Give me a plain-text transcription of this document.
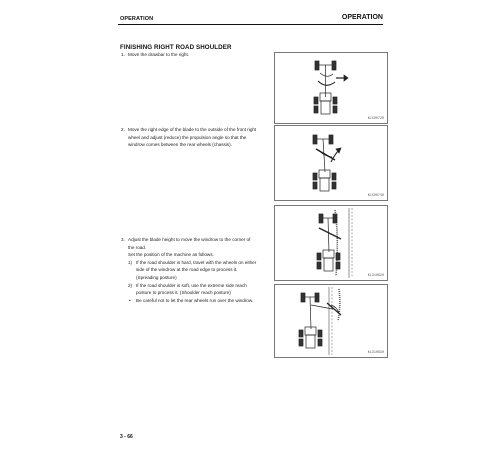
OPERATION	OPERATION
FINISHING RIGHT ROAD SHOULDER
1. Move the drawbar to the right.
2. Move the right edge of the blade to the outside of the front right
wheel and adjust (reduce) the propulsion angle so that the
windrow comes between the rear wheels (chassis).
3. Adjust the blade height to move the windrow to the corner of
the road.
Set the position of the machine as follows.
1) If the road shoulder is hard, travel with the wheels on either
side of the windrow at the road edge to process it.
(Spreading posture)
2) If the road shoulder is soft, use the extreme side reach
posture to process it. (Shoulder reach posture)
• Be careful not to let the rear wheels run over the windrow.
KL500720
KL500740
KL310620
KL310630
3 - 66
